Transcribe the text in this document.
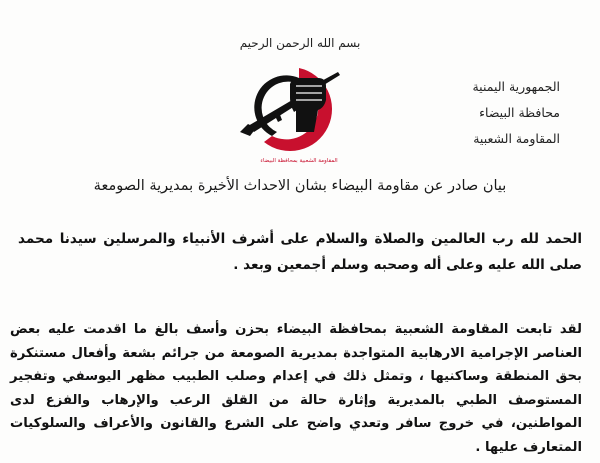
بسم الله الرحمن الرحيم
الجمهورية اليمنية
محافظة البيضاء
المقاومة الشعبية
المقاومة الشعبية بمحافظة البيضاء
بيان صادر عن مقاومة البيضاء بشان الاحداث الأخيرة بمديرية الصومعة
الحمد لله رب العالمين والصلاة والسلام على أشرف الأنبياء والمرسلين سيدنا محمد صلى الله عليه وعلى أله وصحبه وسلم أجمعين وبعد .
لقد تابعت المقاومة الشعبية بمحافظة البيضاء بحزن وأسف بالغ ما اقدمت عليه بعض العناصر الإجرامية الارهابية المتواجدة بمديرية الصومعة من جرائم بشعة وأفعال مستنكرة بحق المنطقة وساكنيها ، وتمثل ذلك في إعدام وصلب الطبيب مظهر اليوسفي وتفجير المستوصف الطبي بالمديرية وإثارة حالة من القلق الرعب والإرهاب والفزع لدى المواطنين، في خروج سافر وتعدي واضح على الشرع والقانون والأعراف والسلوكيات المتعارف عليها .
